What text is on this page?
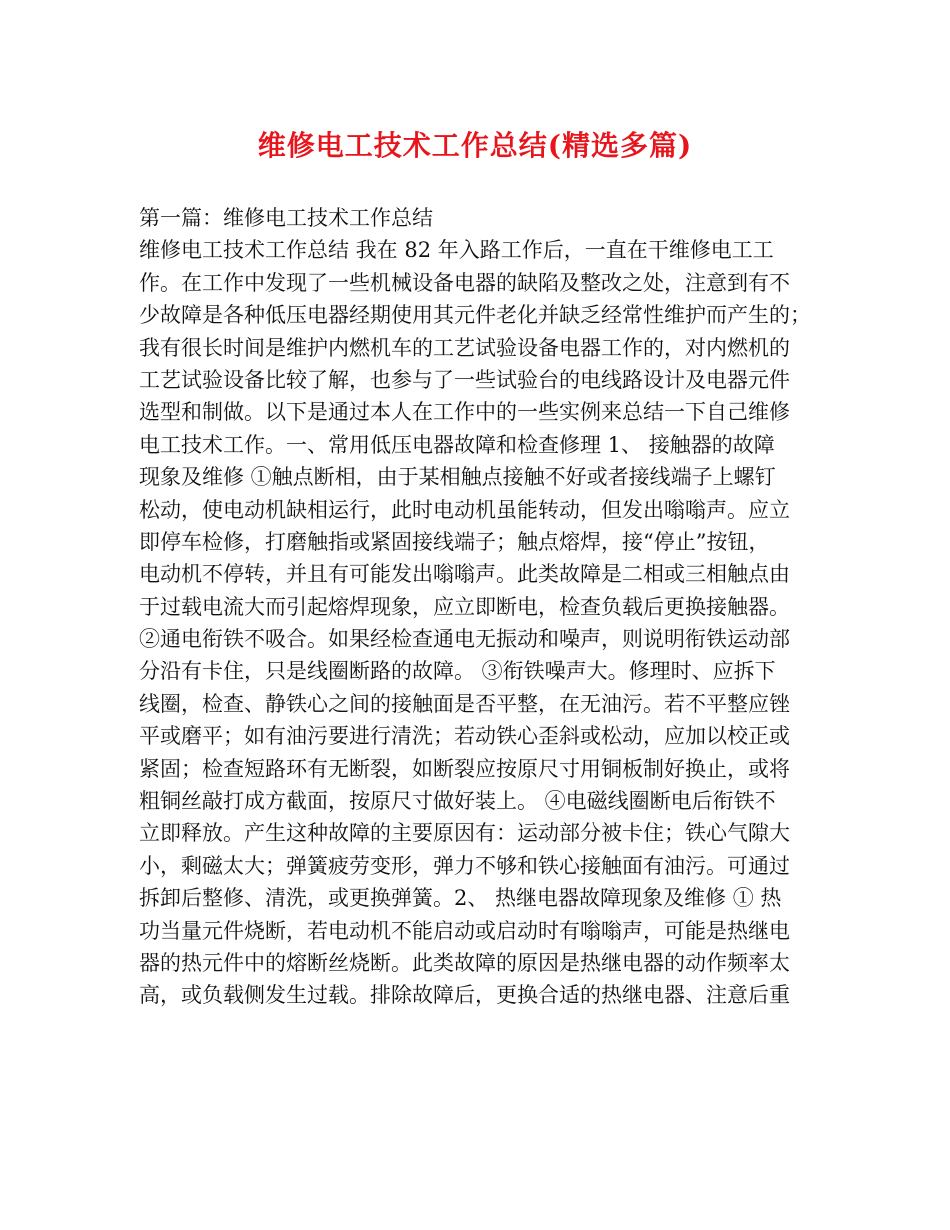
维修电工技术工作总结(精选多篇)
第一篇：维修电工技术工作总结
维修电工技术工作总结 我在 82 年入路工作后，一直在干维修电工工
作。在工作中发现了一些机械设备电器的缺陷及整改之处，注意到有不
少故障是各种低压电器经期使用其元件老化并缺乏经常性维护而产生的；
我有很长时间是维护内燃机车的工艺试验设备电器工作的，对内燃机的
工艺试验设备比较了解，也参与了一些试验台的电线路设计及电器元件
选型和制做。以下是通过本人在工作中的一些实例来总结一下自己维修
电工技术工作。一、常用低压电器故障和检查修理 1、 接触器的故障
现象及维修 ①触点断相，由于某相触点接触不好或者接线端子上螺钉
松动，使电动机缺相运行，此时电动机虽能转动，但发出嗡嗡声。应立
即停车检修，打磨触指或紧固接线端子；触点熔焊，接“停止”按钮，
电动机不停转，并且有可能发出嗡嗡声。此类故障是二相或三相触点由
于过载电流大而引起熔焊现象，应立即断电，检查负载后更换接触器。
②通电衔铁不吸合。如果经检查通电无振动和噪声，则说明衔铁运动部
分沿有卡住，只是线圈断路的故障。 ③衔铁噪声大。修理时、应拆下
线圈，检查、静铁心之间的接触面是否平整，在无油污。若不平整应锉
平或磨平；如有油污要进行清洗；若动铁心歪斜或松动，应加以校正或
紧固；检查短路环有无断裂，如断裂应按原尺寸用铜板制好换止，或将
粗铜丝敲打成方截面，按原尺寸做好装上。 ④电磁线圈断电后衔铁不
立即释放。产生这种故障的主要原因有：运动部分被卡住；铁心气隙大
小，剩磁太大；弹簧疲劳变形，弹力不够和铁心接触面有油污。可通过
拆卸后整修、清洗，或更换弹簧。2、 热继电器故障现象及维修 ① 热
功当量元件烧断，若电动机不能启动或启动时有嗡嗡声，可能是热继电
器的热元件中的熔断丝烧断。此类故障的原因是热继电器的动作频率太
高，或负载侧发生过载。排除故障后，更换合适的热继电器、注意后重
